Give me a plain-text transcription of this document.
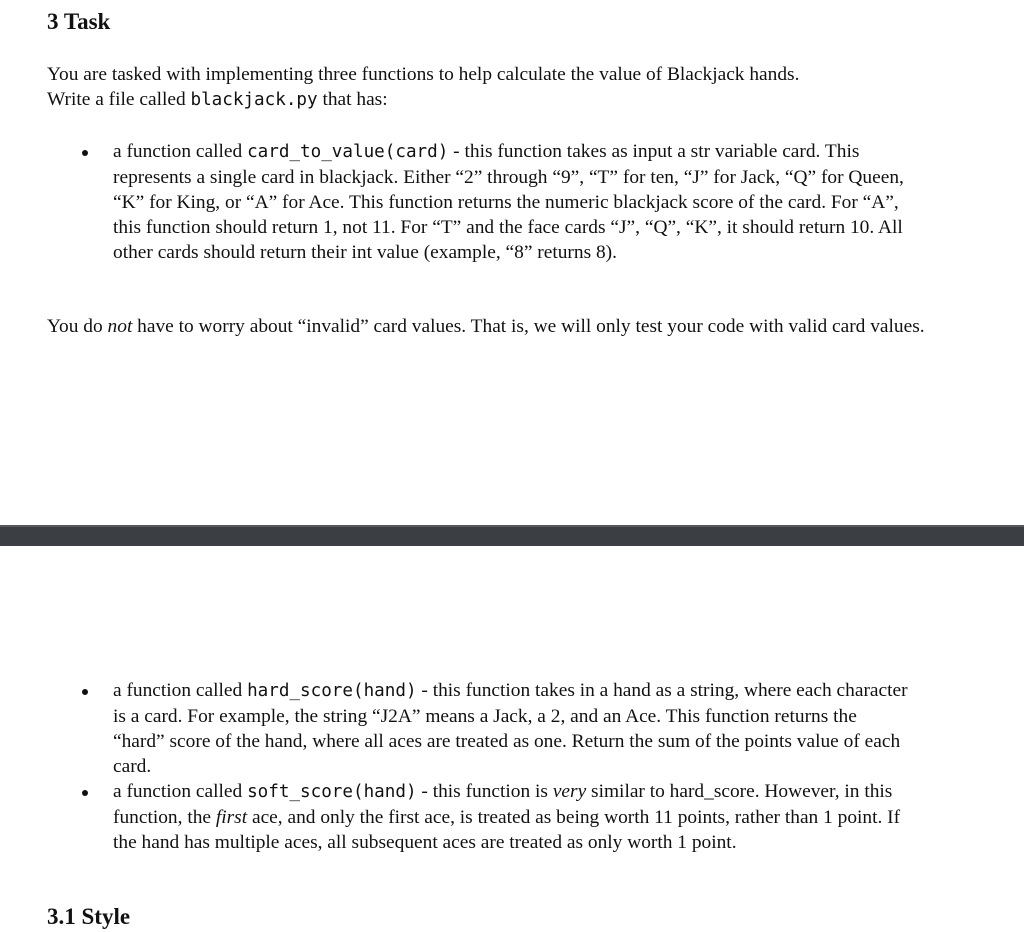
3 Task

You are tasked with implementing three functions to help calculate the value of Blackjack hands.
Write a file called blackjack.py that has:

a function called card_to_value(card) - this function takes as input a str variable card. This represents a single card in blackjack. Either “2” through “9”, “T” for ten, “J” for Jack, “Q” for Queen, “K” for King, or “A” for Ace. This function returns the numeric blackjack score of the card. For “A”, this function should return 1, not 11. For “T” and the face cards “J”, “Q”, “K”, it should return 10. All other cards should return their int value (example, “8” returns 8).

You do not have to worry about “invalid” card values. That is, we will only test your code with valid card values.

a function called hard_score(hand) - this function takes in a hand as a string, where each character is a card. For example, the string “J2A” means a Jack, a 2, and an Ace. This function returns the “hard” score of the hand, where all aces are treated as one. Return the sum of the points value of each card.
a function called soft_score(hand) - this function is very similar to hard_score. However, in this function, the first ace, and only the first ace, is treated as being worth 11 points, rather than 1 point. If the hand has multiple aces, all subsequent aces are treated as only worth 1 point.
3.1 Style
